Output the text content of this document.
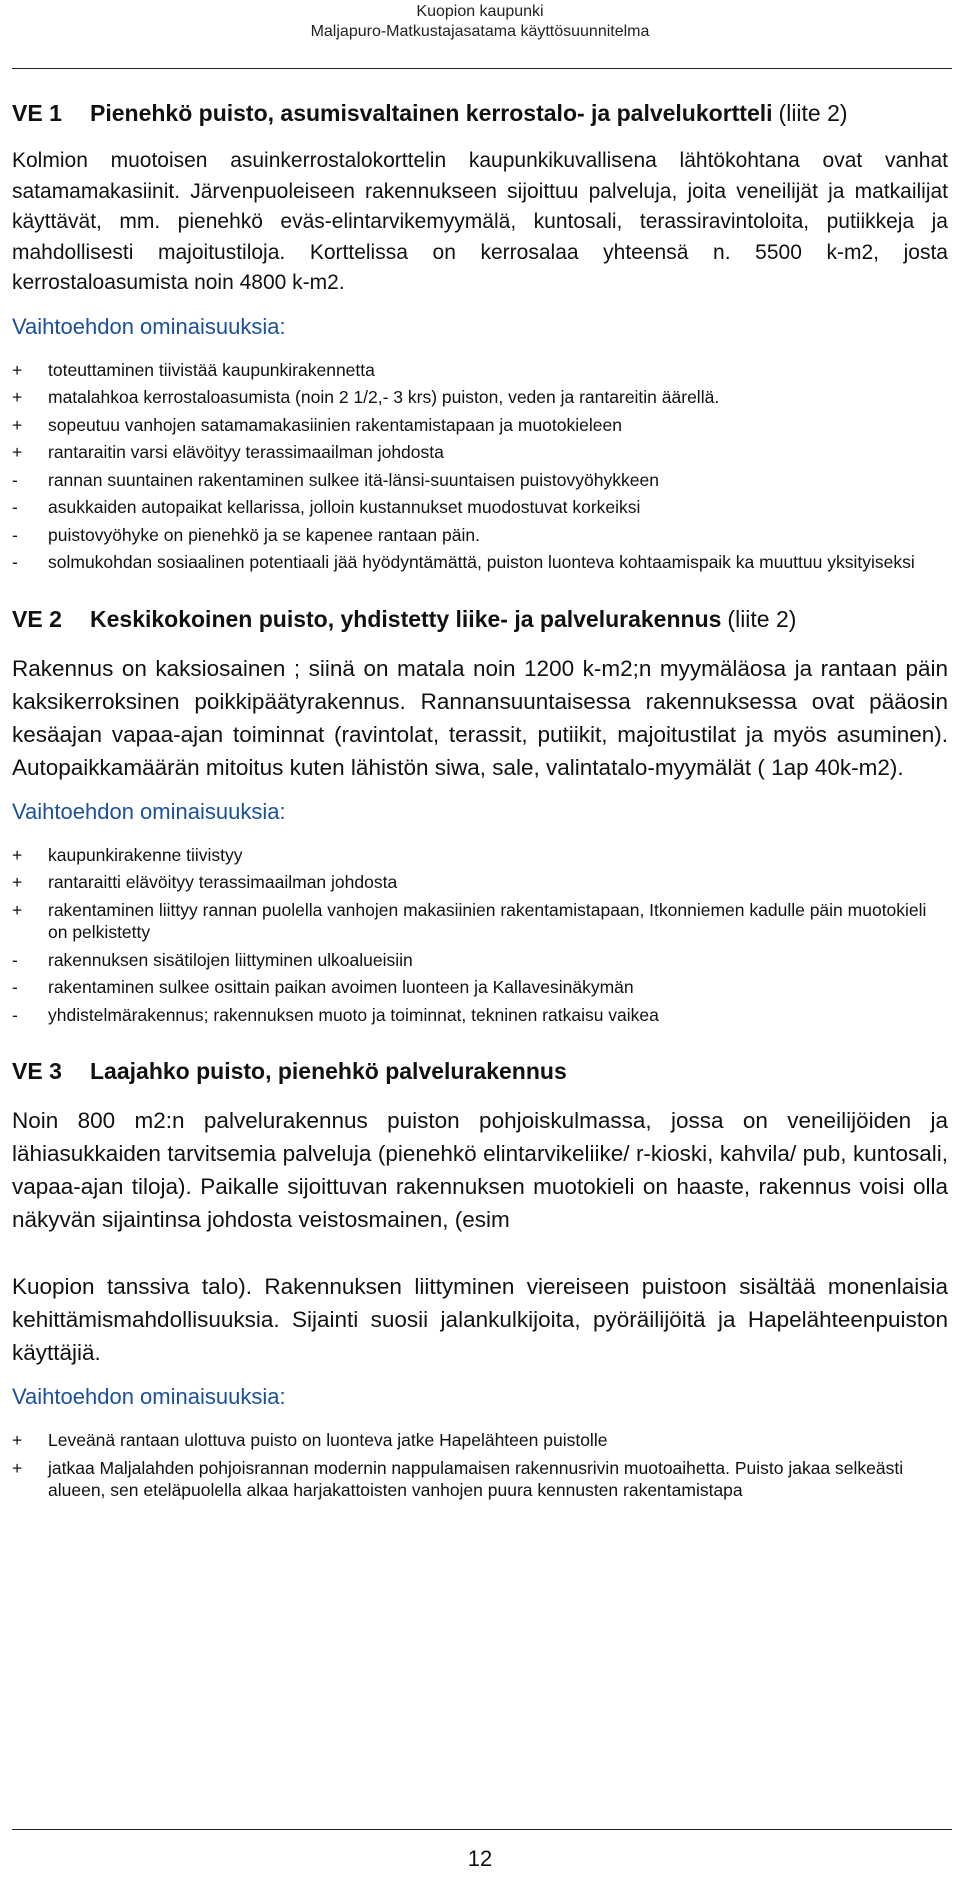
Kuopion kaupunki
Maljapuro-Matkustajasatama käyttösuunnitelma
VE 1	Pienehkö puisto, asumisvaltainen kerrostalo- ja palvelukortteli (liite 2)

Kolmion muotoisen asuinkerrostalokorttelin kaupunkikuvallisena lähtökohtana ovat vanhat satamamakasiinit. Järvenpuoleiseen rakennukseen sijoittuu palveluja, joita veneilijät ja matkailijat käyttävät, mm. pienehkö eväs-elintarvikemyymälä, kuntosali, terassiravintoloita, putiikkeja ja mahdollisesti majoitustiloja. Korttelissa on kerrosalaa yhteensä n. 5500 k-m2, josta kerrostaloasumista noin 4800 k-m2.

Vaihtoehdon ominaisuuksia:
+	toteuttaminen tiivistää kaupunkirakennetta
+	matalahkoa kerrostaloasumista (noin 2 1/2,- 3 krs) puiston, veden ja rantareitin äärellä.
+	sopeutuu vanhojen satamamakasiinien rakentamistapaan ja muotokieleen
+	rantaraitin varsi elävöityy terassimaailman johdosta
-	rannan suuntainen rakentaminen sulkee itä-länsi-suuntaisen puistovyöhykkeen
-	asukkaiden autopaikat kellarissa, jolloin kustannukset muodostuvat korkeiksi
-	puistovyöhyke on pienehkö ja se kapenee rantaan päin.
-	solmukohdan sosiaalinen potentiaali jää hyödyntämättä, puiston luonteva kohtaamispaik ka muuttuu yksityiseksi
VE 2	Keskikokoinen puisto, yhdistetty liike- ja palvelurakennus (liite 2)

Rakennus on kaksiosainen ; siinä on matala noin 1200 k-m2;n myymäläosa ja rantaan päin kaksikerroksinen poikkipäätyrakennus. Rannansuuntaisessa rakennuksessa ovat pääosin kesäajan vapaa-ajan toiminnat (ravintolat, terassit, putiikit, majoitustilat ja myös asuminen). Autopaikkamäärän mitoitus kuten lähistön siwa, sale, valintatalo-myymälät ( 1ap 40k-m2).

Vaihtoehdon ominaisuuksia:
+	kaupunkirakenne tiivistyy
+	rantaraitti elävöityy terassimaailman johdosta
+	rakentaminen liittyy rannan puolella vanhojen makasiinien rakentamistapaan, Itkonniemen kadulle päin muotokieli on pelkistetty
-	rakennuksen sisätilojen liittyminen ulkoalueisiin
-	rakentaminen sulkee osittain paikan avoimen luonteen ja Kallavesinäkymän
-	yhdistelmärakennus; rakennuksen muoto ja toiminnat, tekninen ratkaisu vaikea
VE 3	Laajahko puisto, pienehkö palvelurakennus

Noin 800 m2:n palvelurakennus puiston pohjoiskulmassa, jossa on veneilijöiden ja lähiasukkaiden tarvitsemia palveluja (pienehkö elintarvikeliike/ r-kioski, kahvila/ pub, kuntosali, vapaa-ajan tiloja). Paikalle sijoittuvan rakennuksen muotokieli on haaste, rakennus voisi olla näkyvän sijaintinsa johdosta veistosmainen, (esim

Kuopion tanssiva talo). Rakennuksen liittyminen viereiseen puistoon sisältää monenlaisia kehittämismahdollisuuksia. Sijainti suosii jalankulkijoita, pyöräilijöitä ja Hapelähteenpuiston käyttäjiä.

Vaihtoehdon ominaisuuksia:
+	Leveänä rantaan ulottuva puisto on luonteva jatke Hapelähteen puistolle
+	jatkaa Maljalahden pohjoisrannan modernin nappulamaisen rakennusrivin muotoaihetta. Puisto jakaa selkeästi alueen, sen eteläpuolella alkaa harjakattoisten vanhojen puura kennusten rakentamistapa
12
